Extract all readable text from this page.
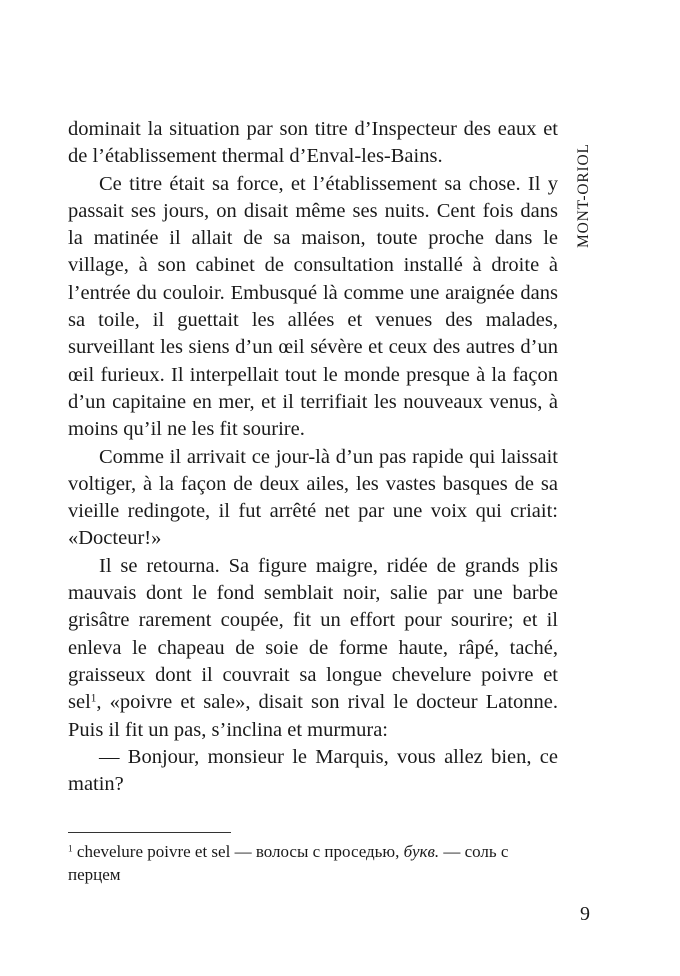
MONT-ORIOL

dominait la situation par son titre d’Inspecteur des eaux et de l’établissement thermal d’Enval-les-Bains.

Ce titre était sa force, et l’établissement sa chose. Il y passait ses jours, on disait même ses nuits. Cent fois dans la matinée il allait de sa maison, toute proche dans le village, à son cabinet de consultation installé à droite à l’entrée du couloir. Embusqué là comme une araignée dans sa toile, il guettait les allées et venues des malades, surveillant les siens d’un œil sévère et ceux des autres d’un œil furieux. Il interpellait tout le monde presque à la façon d’un capitaine en mer, et il terrifiait les nouveaux venus, à moins qu’il ne les fit sourire.

Comme il arrivait ce jour-là d’un pas rapide qui laissait voltiger, à la façon de deux ailes, les vastes basques de sa vieille redingote, il fut arrêté net par une voix qui criait: «Docteur!»

Il se retourna. Sa figure maigre, ridée de grands plis mauvais dont le fond semblait noir, salie par une barbe grisâtre rarement coupée, fit un effort pour sourire; et il enleva le chapeau de soie de forme haute, râpé, taché, graisseux dont il couvrait sa longue chevelure poivre et sel$^1$, «poivre et sale», disait son rival le docteur Latonne. Puis il fit un pas, s’inclina et murmura:

— Bonjour, monsieur le Marquis, vous allez bien, ce matin?

$^1$ chevelure poivre et sel — волосы с проседью, букв. — соль с перцем
9
